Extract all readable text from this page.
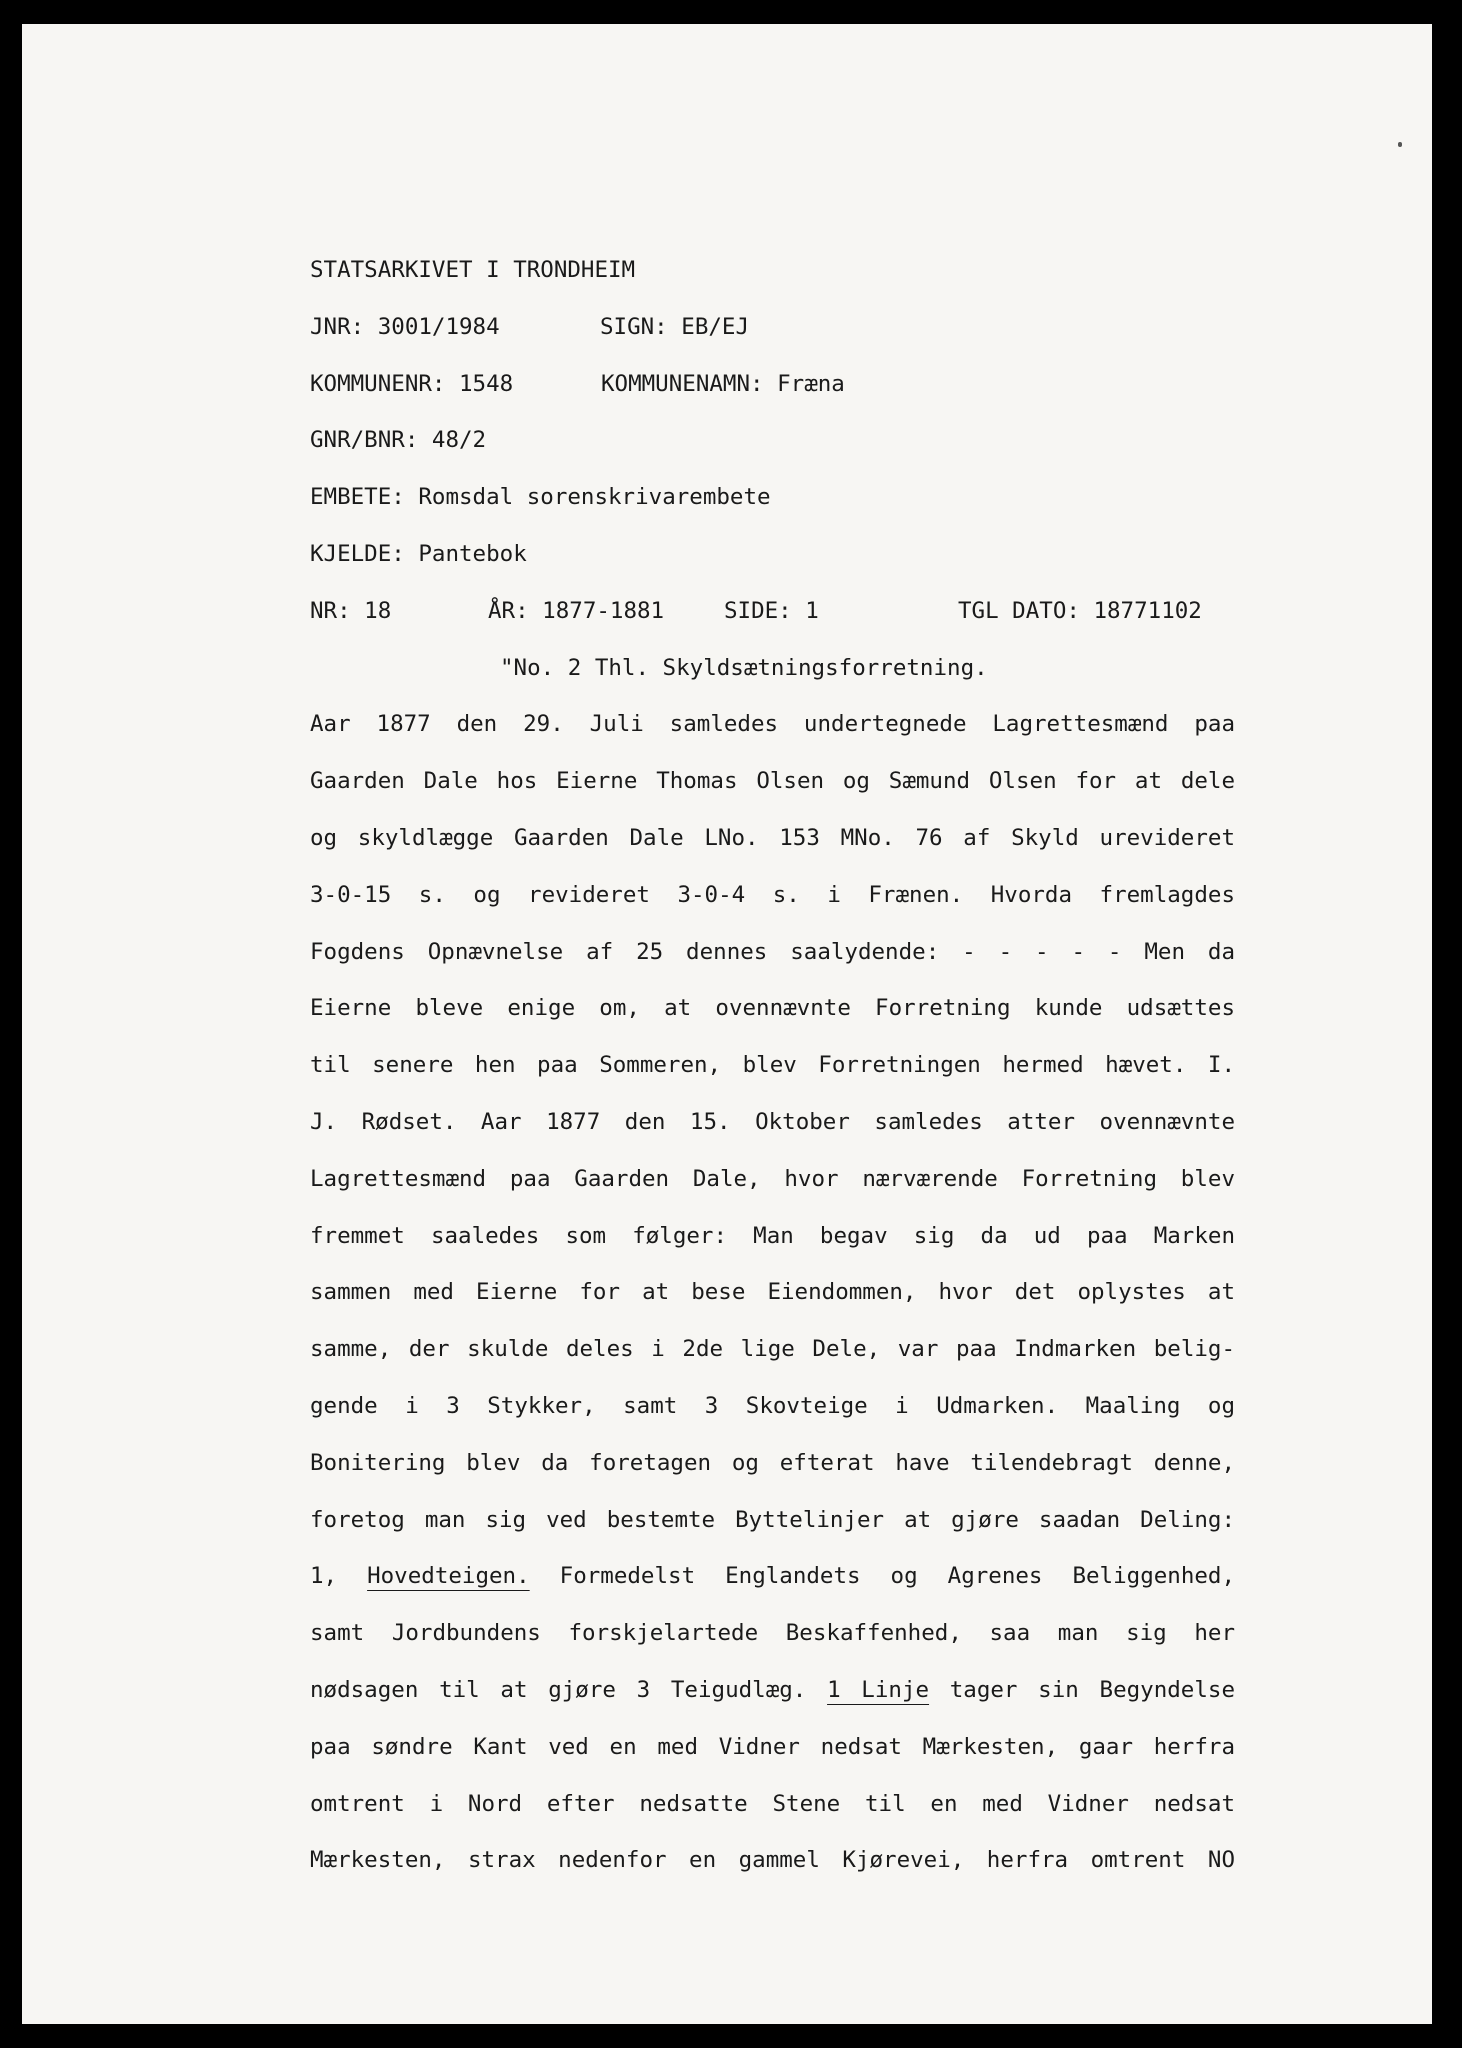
STATSARKIVET I TRONDHEIM

JNR: 3001/1984

	SIGN: EB/EJ

KOMMUNENR: 1548

	KOMMUNENAMN: Fræna

GNR/BNR: 48/2

EMBETE: Romsdal sorenskrivarembete

KJELDE: Pantebok

NR: 18

	ÅR: 1877-1881

	SIDE: 1

	TGL DATO: 18771102

"No. 2 Thl. Skyldsætningsforretning.
Aar 1877 den 29. Juli samledes undertegnede Lagrettesmænd paa
Gaarden Dale hos Eierne Thomas Olsen og Sæmund Olsen for at dele
og skyldlægge Gaarden Dale LNo. 153 MNo. 76 af Skyld urevideret
3-0-15 s. og revideret 3-0-4 s. i Frænen. Hvorda fremlagdes
Fogdens Opnævnelse af 25 dennes saalydende: - - - - - Men da
Eierne bleve enige om, at ovennævnte Forretning kunde udsættes
til senere hen paa Sommeren, blev Forretningen hermed hævet. I.
J. Rødset. Aar 1877 den 15. Oktober samledes atter ovennævnte
Lagrettesmænd paa Gaarden Dale, hvor nærværende Forretning blev
fremmet saaledes som følger: Man begav sig da ud paa Marken
sammen med Eierne for at bese Eiendommen, hvor det oplystes at
samme, der skulde deles i 2de lige Dele, var paa Indmarken belig-
gende i 3 Stykker, samt 3 Skovteige i Udmarken. Maaling og
Bonitering blev da foretagen og efterat have tilendebragt denne,
foretog man sig ved bestemte Byttelinjer at gjøre saadan Deling:
1, Hovedteigen. Formedelst Englandets og Agrenes Beliggenhed,
samt Jordbundens forskjelartede Beskaffenhed, saa man sig her
nødsagen til at gjøre 3 Teigudlæg. 1 Linje tager sin Begyndelse
paa søndre Kant ved en med Vidner nedsat Mærkesten, gaar herfra
omtrent i Nord efter nedsatte Stene til en med Vidner nedsat
Mærkesten, strax nedenfor en gammel Kjørevei, herfra omtrent NO
